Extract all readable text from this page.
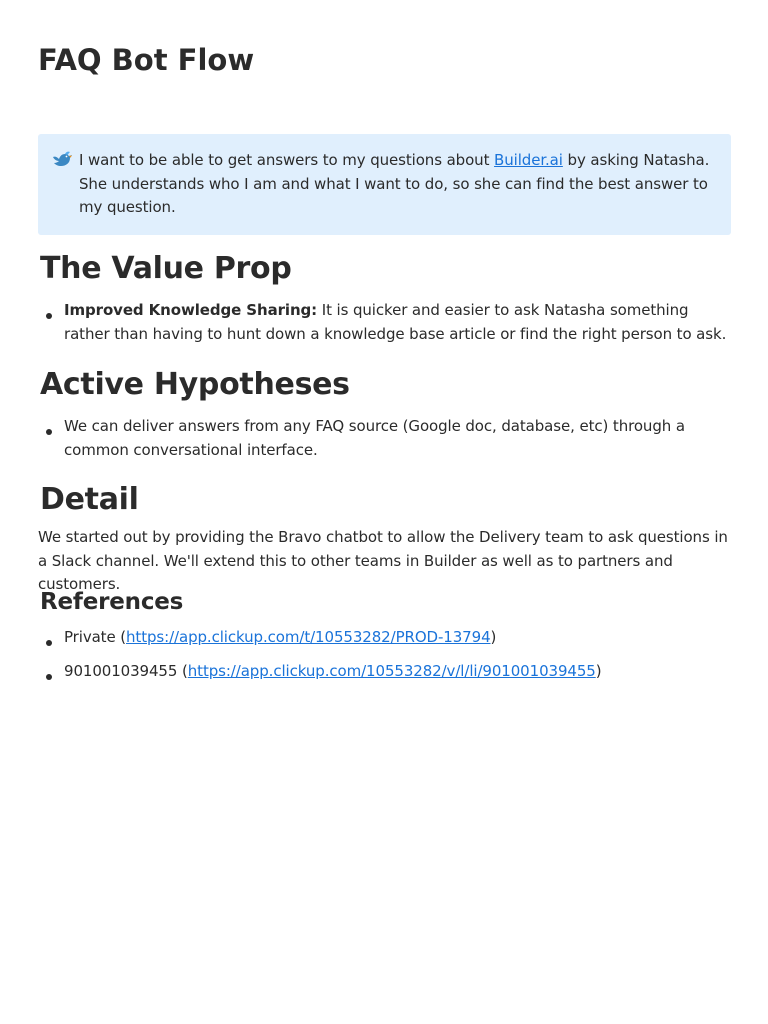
FAQ Bot Flow
I want to be able to get answers to my questions about Builder.ai by asking Natasha. She understands who I am and what I want to do, so she can find the best answer to my question.
The Value Prop
Improved Knowledge Sharing: It is quicker and easier to ask Natasha something rather than having to hunt down a knowledge base article or find the right person to ask.
Active Hypotheses
We can deliver answers from any FAQ source (Google doc, database, etc) through a common conversational interface.
Detail

We started out by providing the Bravo chatbot to allow the Delivery team to ask questions in a Slack channel. We'll extend this to other teams in Builder as well as to partners and customers.

References
Private (https://app.clickup.com/t/10553282/PROD-13794)
901001039455 (https://app.clickup.com/10553282/v/l/li/901001039455)
